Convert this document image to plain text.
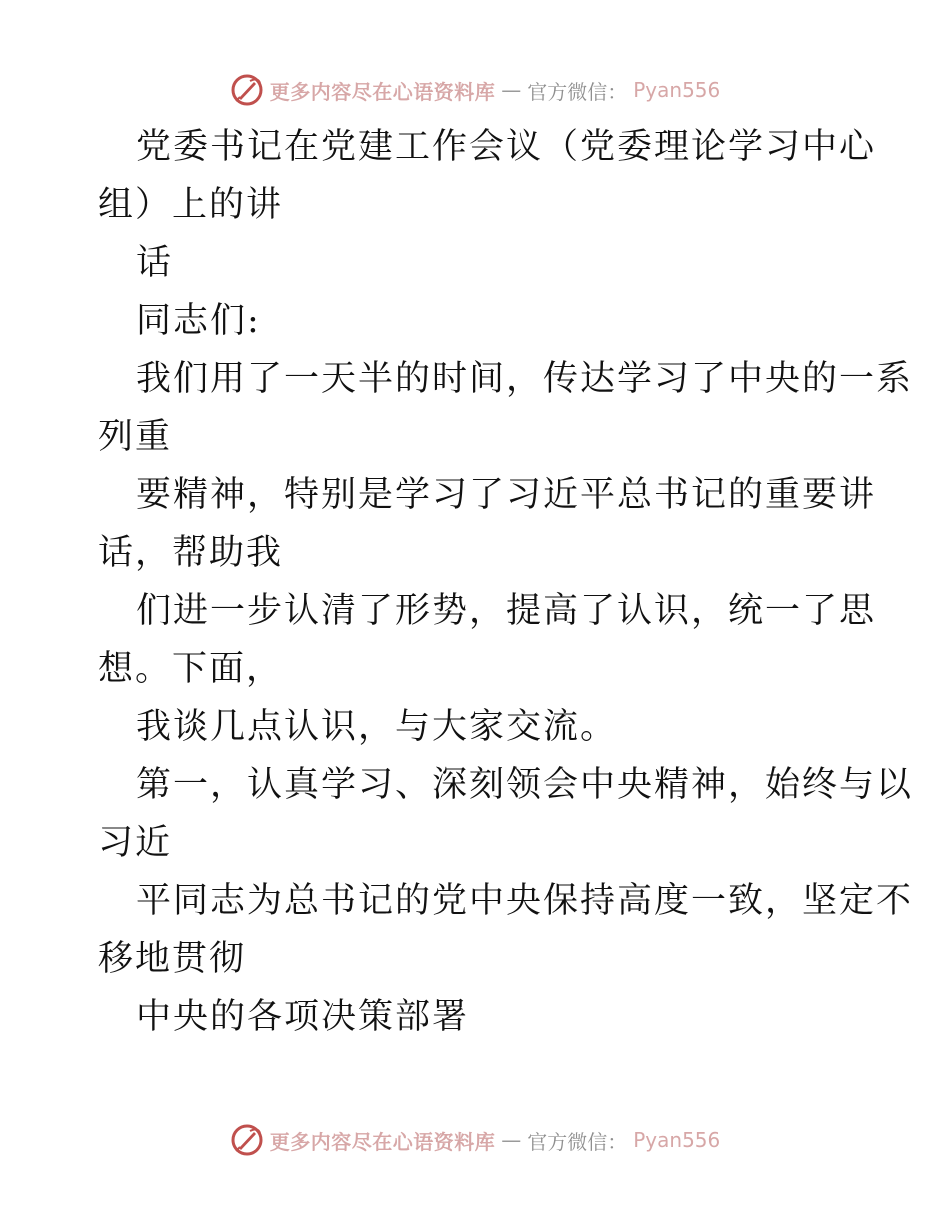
更多内容尽在心语资料库 — 官方微信： Pyan556
党委书记在党建工作会议（党委理论学习中心
组）上的讲
话
同志们:
我们用了一天半的时间，传达学习了中央的一系
列重
要精神，特别是学习了习近平总书记的重要讲
话，帮助我
们进一步认清了形势，提高了认识，统一了思
想。下面，
我谈几点认识，与大家交流。
第一，认真学习、深刻领会中央精神，始终与以
习近
平同志为总书记的党中央保持高度一致，坚定不
移地贯彻
中央的各项决策部署
更多内容尽在心语资料库 — 官方微信： Pyan556
